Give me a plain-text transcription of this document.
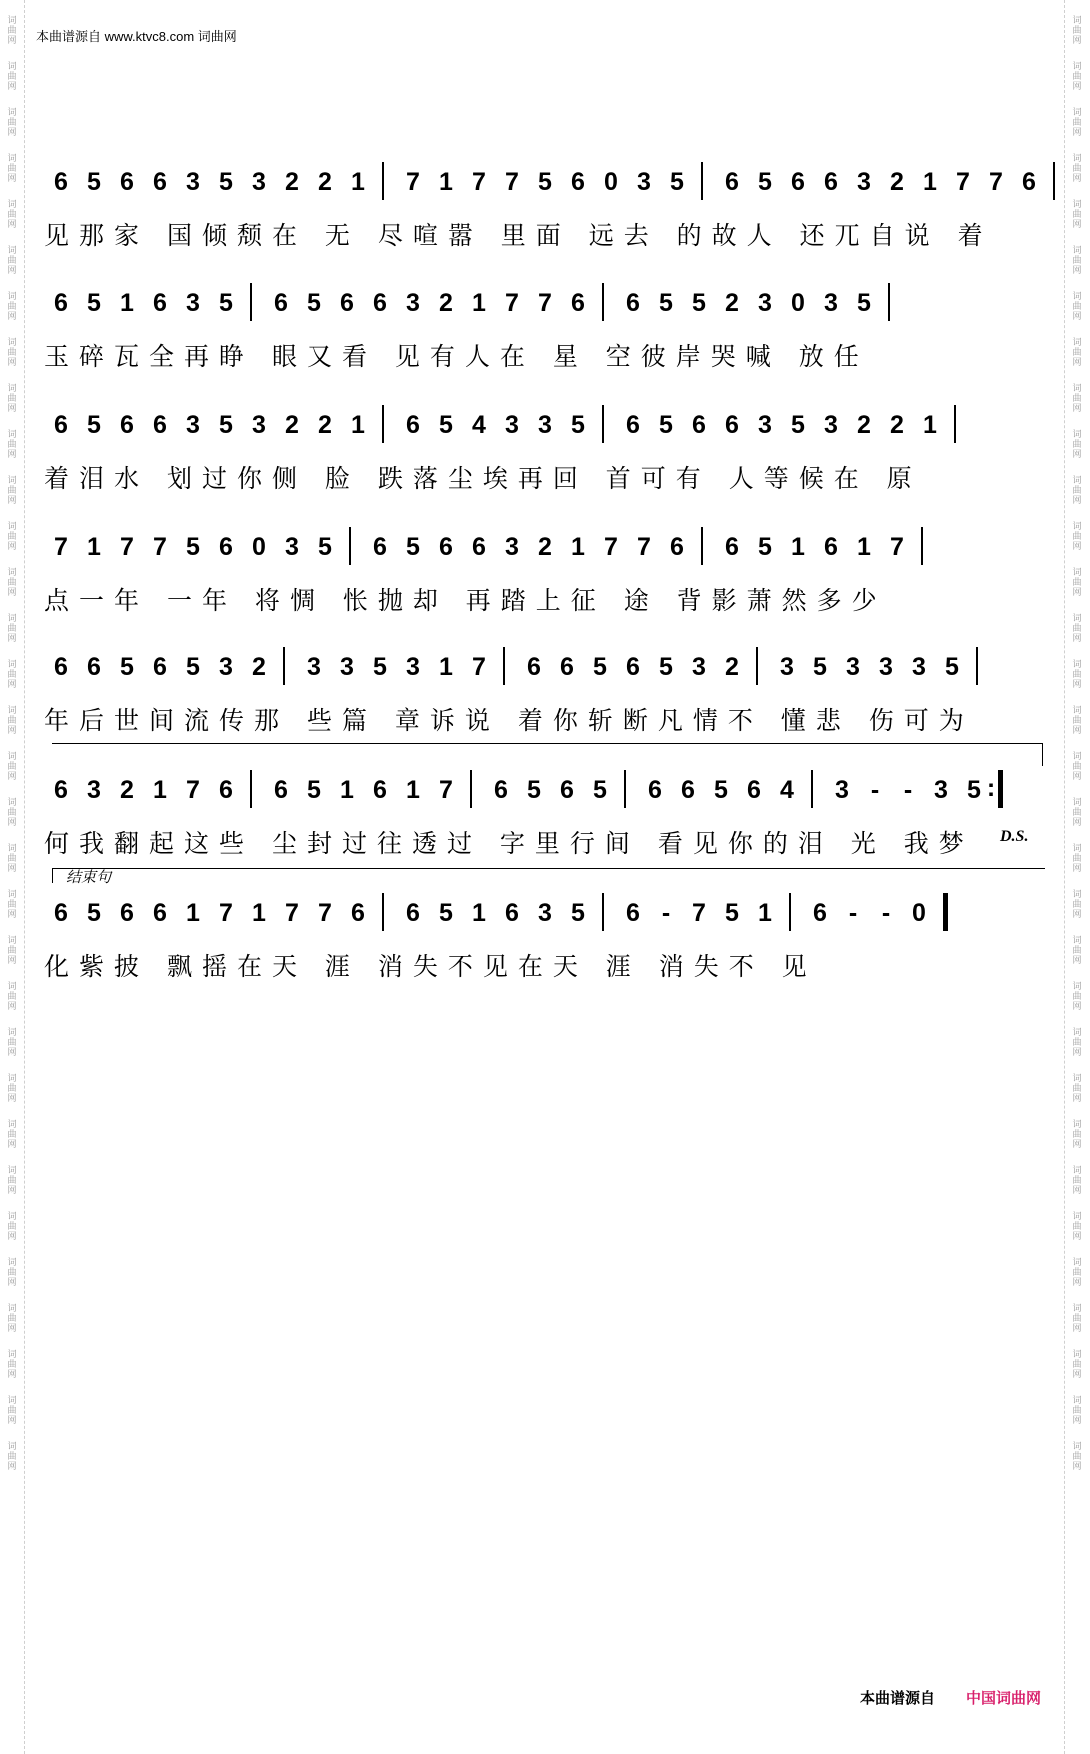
词曲网
词曲网
词曲网
词曲网
词曲网
词曲网
词曲网
词曲网
词曲网
词曲网
词曲网
词曲网
词曲网
词曲网
词曲网
词曲网
词曲网
词曲网
词曲网
词曲网
词曲网
词曲网
词曲网
词曲网
词曲网
词曲网
词曲网
词曲网
词曲网
词曲网
词曲网
词曲网
词曲网
词曲网
词曲网
词曲网
词曲网
词曲网
词曲网
词曲网
词曲网
词曲网
词曲网
词曲网
词曲网
词曲网
词曲网
词曲网
词曲网
词曲网
词曲网
词曲网
词曲网
词曲网
词曲网
词曲网
词曲网
词曲网
词曲网
词曲网
词曲网
词曲网
词曲网
词曲网
本曲谱源自 www.ktvc8.com 词曲网
6 5 6 6 3 5 3 2 2 1 7 1 7 7 5 6 0 3 5 6 5 6 6 3 2 1 7 7 6
见那家 国倾颓在 无 尽喧嚣 里面 远去 的故人 还兀自说 着
6 5 1 6 3 5 6 5 6 6 3 2 1 7 7 6 6 5 5 2 3 0 3 5
玉碎瓦全再睁 眼又看 见有人在 星 空彼岸哭喊 放任
6 5 6 6 3 5 3 2 2 1 6 5 4 3 3 5 6 5 6 6 3 5 3 2 2 1
着泪水 划过你侧 脸 跌落尘埃再回 首可有 人等候在 原
7 1 7 7 5 6 0 3 5 6 5 6 6 3 2 1 7 7 6 6 5 1 6 1 7
点一年 一年 将惆 怅抛却 再踏上征 途 背影萧然多少
6 6 5 6 5 3 2 3 3 5 3 1 7 6 6 5 6 5 3 2 3 5 3 3 3 5
年后世间流传那 些篇 章诉说 着你斩断凡情不 懂悲 伤可为
6 3 2 1 7 6 6 5 1 6 1 7 6 5 6 5 6 6 5 6 4 3 - - 3 5 :
何我翻起这些 尘封过往透过 字里行间 看见你的泪 光 我梦
6 5 6 6 1 7 1 7 7 6 6 5 1 6 3 5 6 - 7 5 1 6 - - 0
化紫披 飘摇在天 涯 消失不见在天 涯 消失不 见
D.S.
结束句
本曲谱源自 中国词曲网
